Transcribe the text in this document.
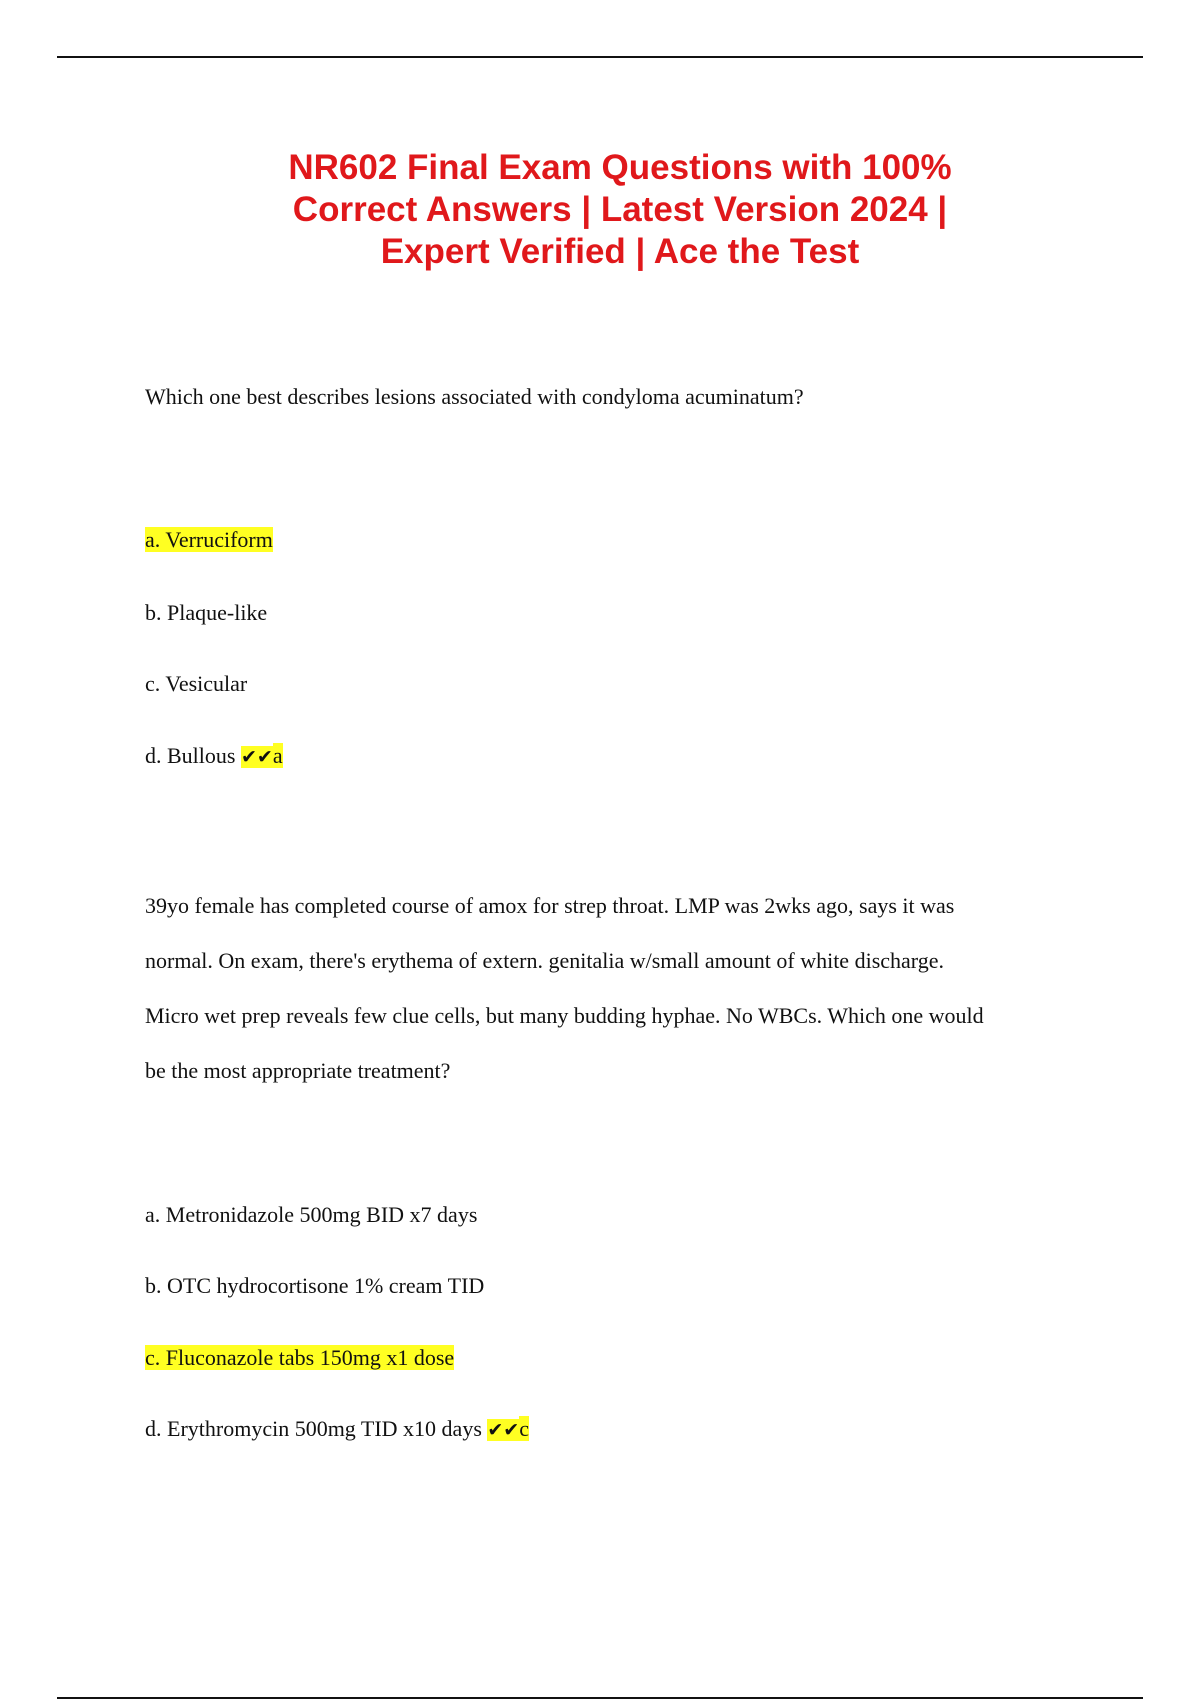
NR602 Final Exam Questions with 100%
Correct Answers | Latest Version 2024 |
Expert Verified | Ace the Test
Which one best describes lesions associated with condyloma acuminatum?
a. Verruciform
b. Plaque-like
c. Vesicular
d. Bullous ✔✔a
39yo female has completed course of amox for strep throat. LMP was 2wks ago, says it was
normal. On exam, there's erythema of extern. genitalia w/small amount of white discharge.
Micro wet prep reveals few clue cells, but many budding hyphae. No WBCs. Which one would
be the most appropriate treatment?
a. Metronidazole 500mg BID x7 days
b. OTC hydrocortisone 1% cream TID
c. Fluconazole tabs 150mg x1 dose
d. Erythromycin 500mg TID x10 days ✔✔c
